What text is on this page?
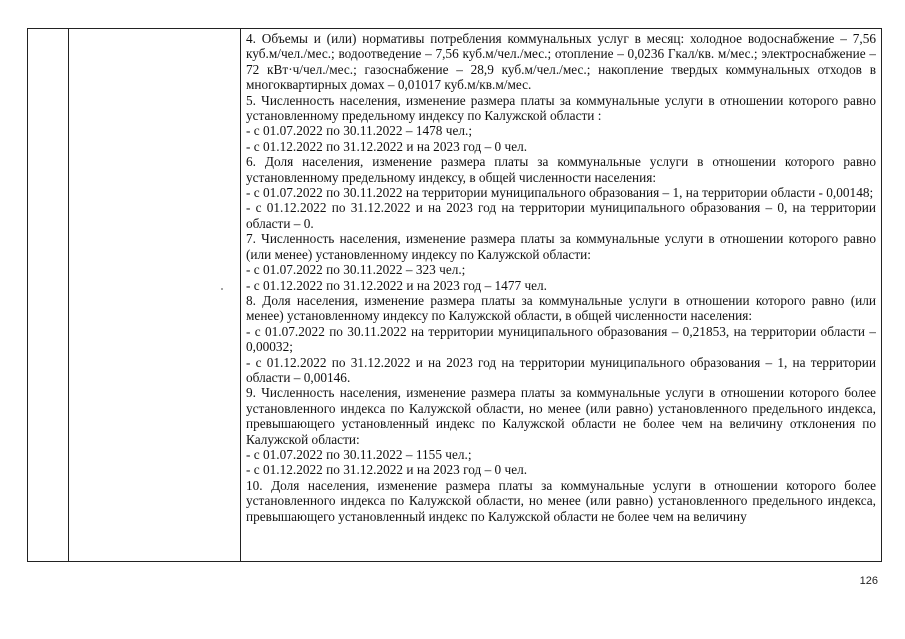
4. Объемы и (или) нормативы потребления коммунальных услуг в месяц: холодное водоснабжение – 7,56 куб.м/чел./мес.; водоотведение – 7,56 куб.м/чел./мес.; отопление – 0,0236 Гкал/кв. м/мес.; электроснабжение – 72 кВт·ч/чел./мес.; газоснабжение – 28,9 куб.м/чел./мес.; накопление твердых коммунальных отходов в многоквартирных домах – 0,01017 куб.м/кв.м/мес.

5. Численность населения, изменение размера платы за коммунальные услуги в отношении которого равно установленному предельному индексу по Калужской области :

- с 01.07.2022 по 30.11.2022 – 1478 чел.;

- с 01.12.2022 по 31.12.2022 и на 2023 год – 0 чел.

6. Доля населения, изменение размера платы за коммунальные услуги в отношении которого равно установленному предельному индексу, в общей численности населения:

- с 01.07.2022 по 30.11.2022 на территории муниципального образования – 1, на территории области - 0,00148;

- с 01.12.2022 по 31.12.2022 и на 2023 год на территории муниципального образования – 0, на территории области – 0.

7. Численность населения, изменение размера платы за коммунальные услуги в отношении которого равно (или менее) установленному индексу по Калужской области:

- с 01.07.2022 по 30.11.2022 – 323 чел.;

- с 01.12.2022 по 31.12.2022 и на 2023 год – 1477 чел.

8. Доля населения, изменение размера платы за коммунальные услуги в отношении которого равно (или менее) установленному индексу по Калужской области, в общей численности населения:

- с 01.07.2022 по 30.11.2022 на территории муниципального образования – 0,21853, на территории области – 0,00032;

- с 01.12.2022 по 31.12.2022 и на 2023 год на территории муниципального образования – 1, на территории области – 0,00146.

9. Численность населения, изменение размера платы за коммунальные услуги в отношении которого более установленного индекса по Калужской области, но менее (или равно) установленного предельного индекса, превышающего установленный индекс по Калужской области не более чем на величину отклонения по Калужской области:

- с 01.07.2022 по 30.11.2022 – 1155 чел.;

- с 01.12.2022 по 31.12.2022 и на 2023 год – 0 чел.

10. Доля населения, изменение размера платы за коммунальные услуги в отношении которого более установленного индекса по Калужской области, но менее (или равно) установленного предельного индекса, превышающего установленный индекс по Калужской области не более чем на величину

126
